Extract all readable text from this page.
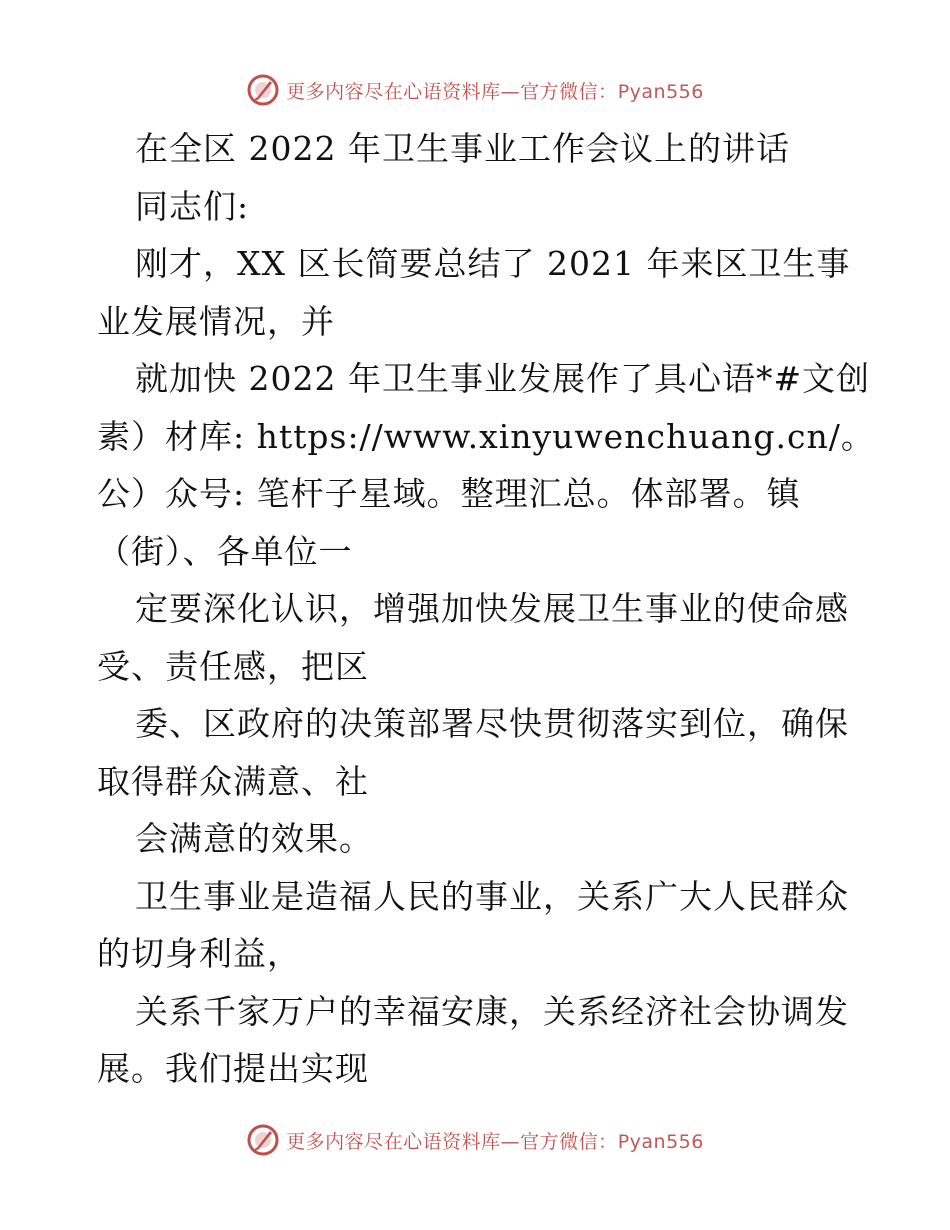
更多内容尽在心语资料库—官方微信：Pyan556
在全区 2022 年卫生事业工作会议上的讲话
同志们:
刚才，XX 区长简要总结了 2021 年来区卫生事
业发展情况，并
就加快 2022 年卫生事业发展作了具心语*#文创
素）材库: https://www.xinyuwenchuang.cn/。
公）众号: 笔杆子星域。整理汇总。体部署。镇
（街）、各单位一
定要深化认识，增强加快发展卫生事业的使命感
受、责任感，把区
委、区政府的决策部署尽快贯彻落实到位，确保
取得群众满意、社
会满意的效果。
卫生事业是造福人民的事业，关系广大人民群众
的切身利益，
关系千家万户的幸福安康，关系经济社会协调发
展。我们提出实现
更多内容尽在心语资料库—官方微信：Pyan556
